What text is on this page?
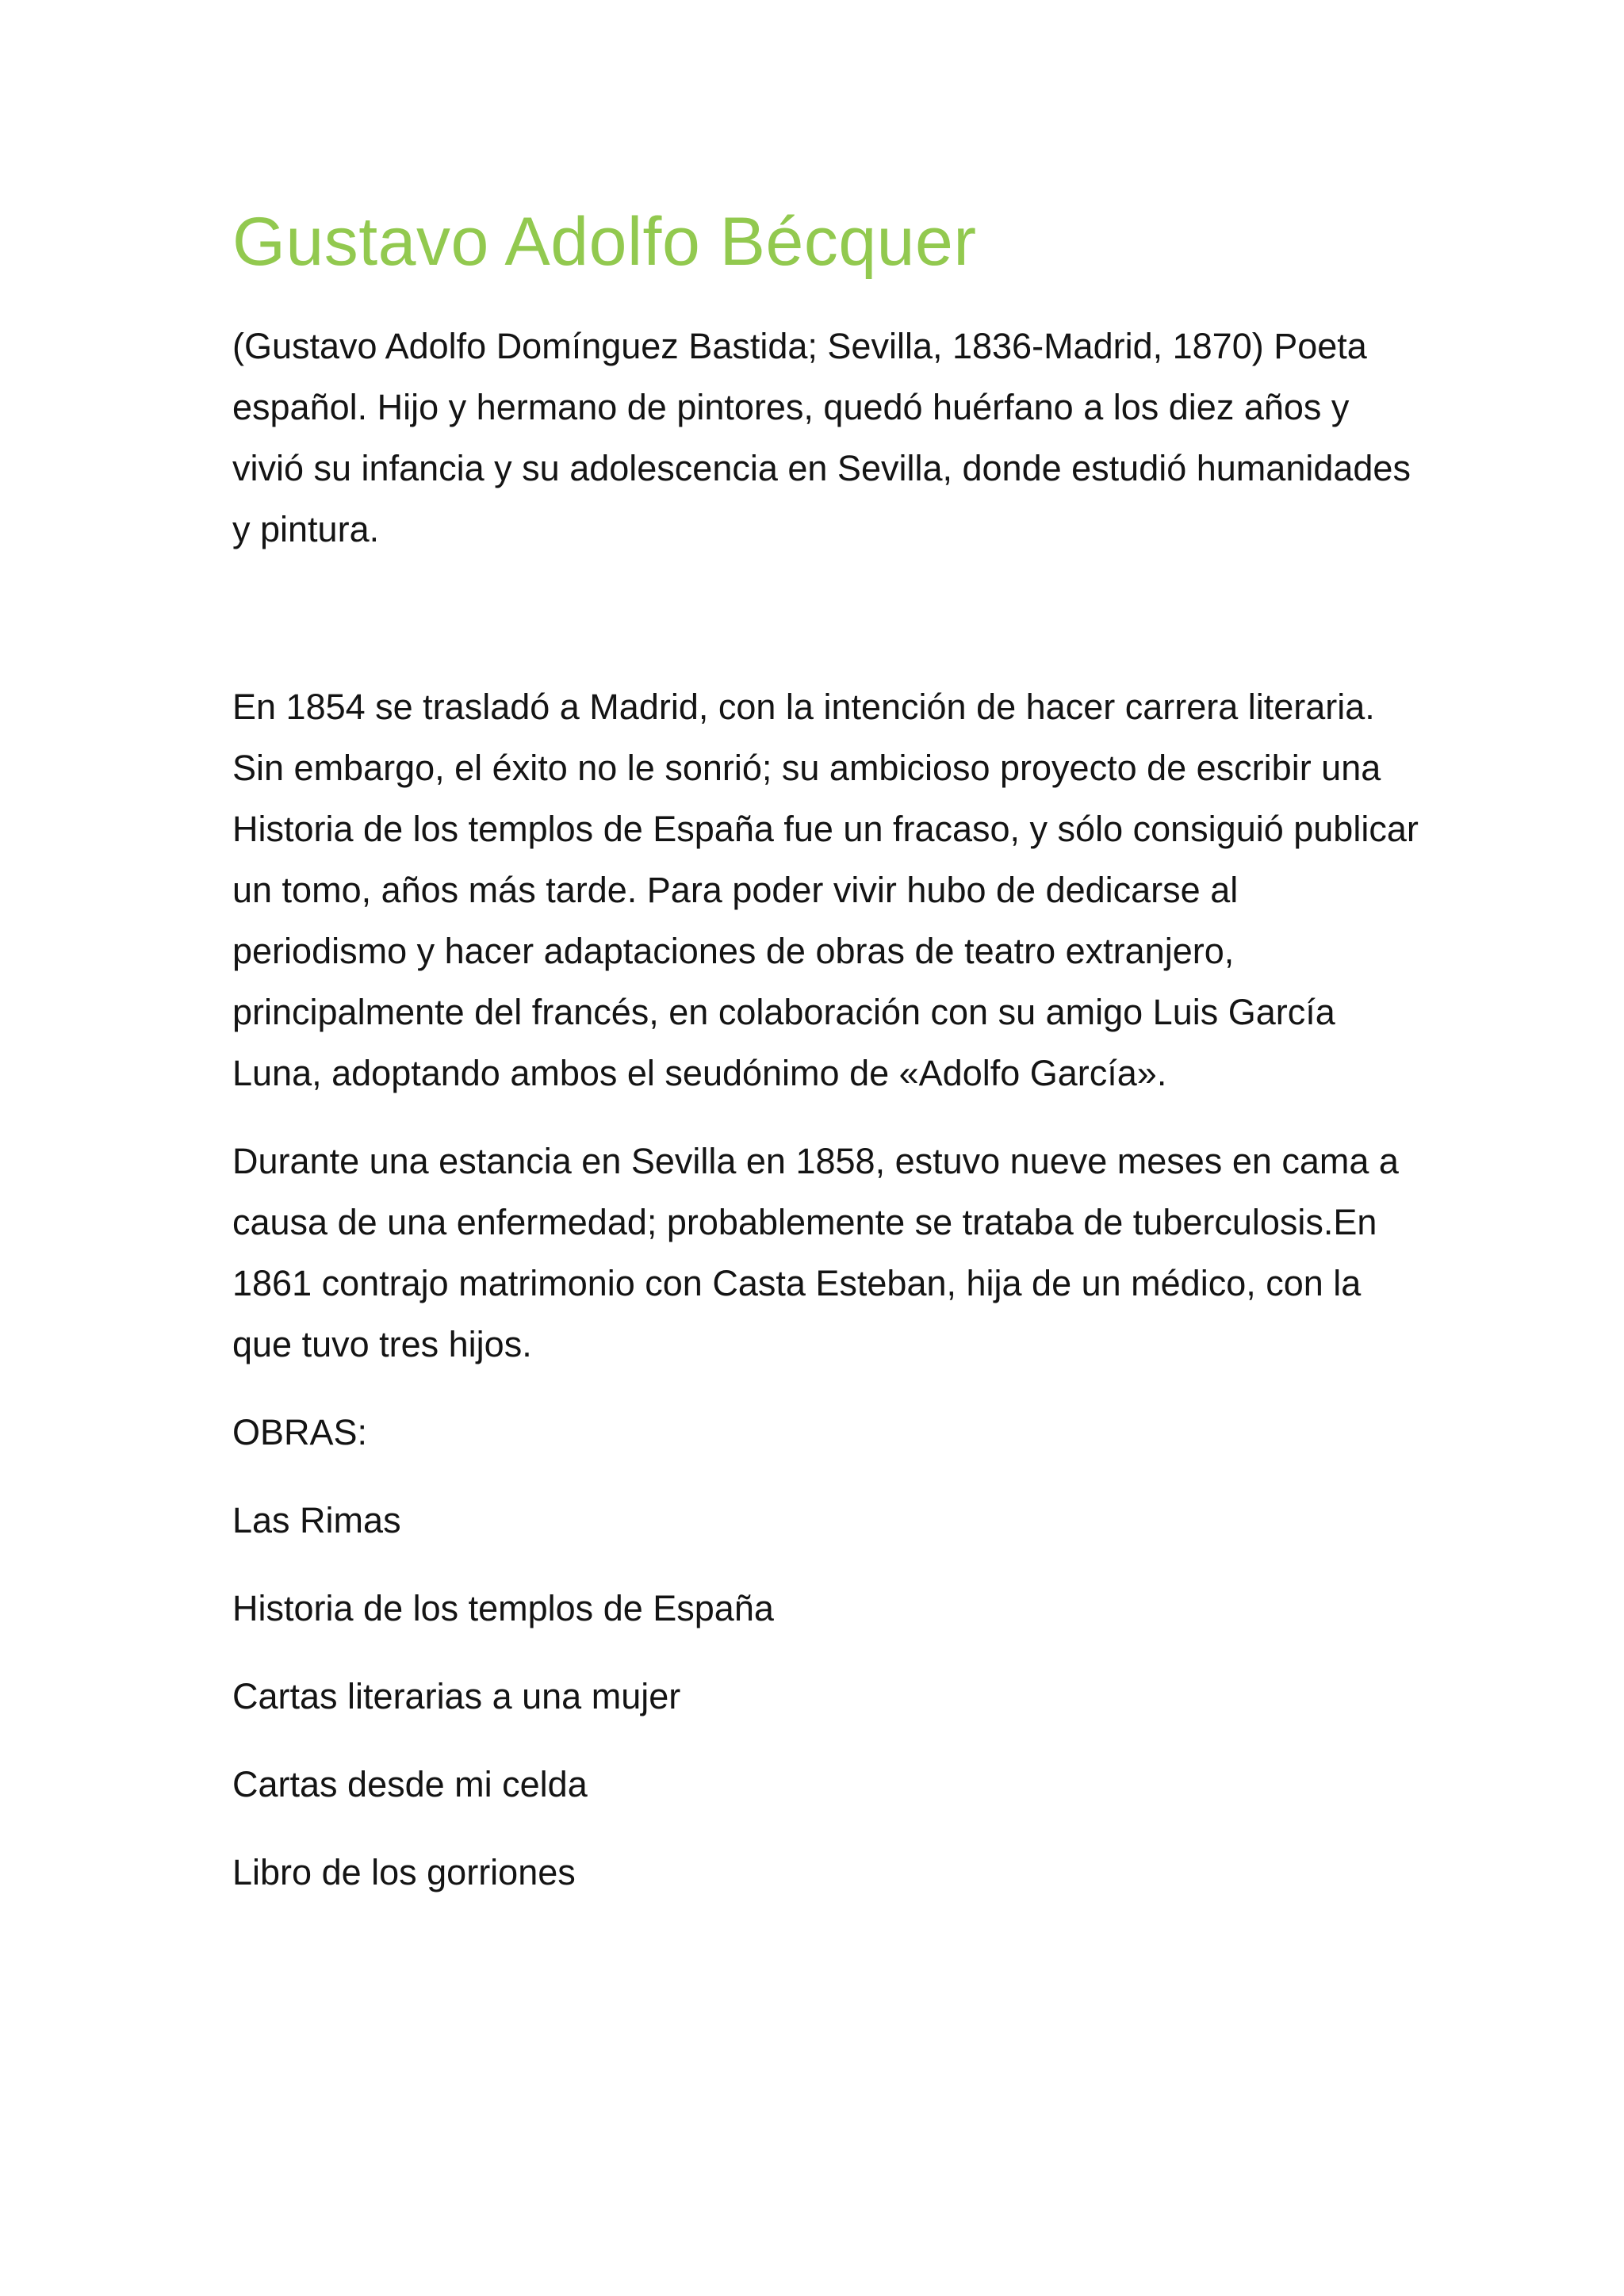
Gustavo Adolfo Bécquer

(Gustavo Adolfo Domínguez Bastida; Sevilla, 1836-Madrid, 1870) Poeta español. Hijo y hermano de pintores, quedó huérfano a los diez años y vivió su infancia y su adolescencia en Sevilla, donde estudió humanidades y pintura.

En 1854 se trasladó a Madrid, con la intención de hacer carrera literaria. Sin embargo, el éxito no le sonrió; su ambicioso proyecto de escribir una Historia de los templos de España fue un fracaso, y sólo consiguió publicar un tomo, años más tarde. Para poder vivir hubo de dedicarse al periodismo y hacer adaptaciones de obras de teatro extranjero, principalmente del francés, en colaboración con su amigo Luis García Luna, adoptando ambos el seudónimo de «Adolfo García».

Durante una estancia en Sevilla en 1858, estuvo nueve meses en cama a causa de una enfermedad; probablemente se trataba de tuberculosis.En 1861 contrajo matrimonio con Casta Esteban, hija de un médico, con la que tuvo tres hijos.

OBRAS:

Las Rimas
Historia de los templos de España
Cartas literarias a una mujer
Cartas desde mi celda
Libro de los gorriones
